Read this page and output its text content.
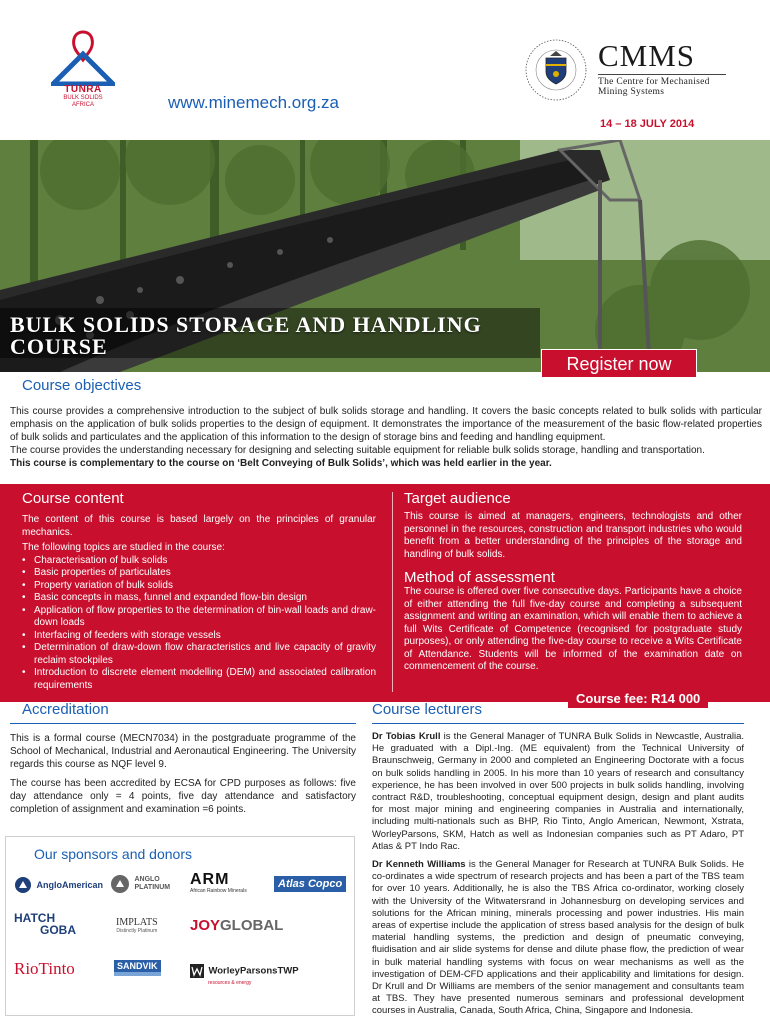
TUNRA
BULK SOLIDS
AFRICA	www.minemech.org.za
CMMS
The Centre for Mechanised
Mining Systems
14 – 18 JULY 2014
BULK SOLIDS STORAGE AND HANDLING
COURSE
Register now
Course objectives

This course provides a comprehensive introduction to the subject of bulk solids storage and handling. It covers the basic concepts related to bulk solids with particular emphasis on the application of bulk solids properties to the design of equipment. It demonstrates the importance of the measurement of the basic flow-related properties of bulk solids and particulates and the application of this information to the design of storage bins and feeding and handling equipment.

The course provides the understanding necessary for designing and selecting suitable equipment for reliable bulk solids storage, handling and transportation.

This course is complementary to the course on ‘Belt Conveying of Bulk Solids’, which was held earlier in the year.

Course content

The content of this course is based largely on the principles of granular mechanics.

The following topics are studied in the course:

• Characterisation of bulk solids
• Basic properties of particulates
• Property variation of bulk solids
• Basic concepts in mass, funnel and expanded flow-bin design
• Application of flow properties to the determination of bin-wall loads and draw-down loads
• Interfacing of feeders with storage vessels
• Determination of draw-down flow characteristics and live capacity of gravity reclaim stockpiles
• Introduction to discrete element modelling (DEM) and associated calibration requirements
Target audience
This course is aimed at managers, engineers, technologists and other personnel in the resources, construction and transport industries who would benefit from a better understanding of the principles of the storage and handling of bulk solids.
Method of assessment
The course is offered over five consecutive days. Participants have a choice of either attending the full five-day course and completing a subsequent assignment and writing an examination, which will enable them to achieve a full Wits Certificate of Competence (recognised for postgraduate study purposes), or only attending the five-day course to receive a Wits Certificate of Attendance. Students will be informed of the examination date on commencement of the course.
Course fee: R14 000
Accreditation
This is a formal course (MECN7034) in the postgraduate programme of the School of Mechanical, Industrial and Aeronautical Engineering. The University regards this course as NQF level 9.
The course has been accredited by ECSA for CPD purposes as follows: five day attendance only = 4 points, five day attendance and satisfactory completion of assignment and examination =6 points.
Course lecturers

Dr Tobias Krull is the General Manager of TUNRA Bulk Solids in Newcastle, Australia. He graduated with a Dipl.-Ing. (ME equivalent) from the Technical University of Braunschweig, Germany in 2000 and completed an Engineering Doctorate with a focus on bulk solids handling in 2005. In his more than 10 years of research and consultancy experience, he has been involved in over 500 projects in bulk solids handling, involving contract R&D, troubleshooting, conceptual equipment design, design and plant audits for most major mining and engineering companies in Australia and internationally, including multi-nationals such as BHP, Rio Tinto, Anglo American, Newmont, Xstrata, WorleyParsons, SKM, Hatch as well as Indonesian companies such as PT Adaro, PT Atlas & PT Indo Rac.

Dr Kenneth Williams is the General Manager for Research at TUNRA Bulk Solids. He co-ordinates a wide spectrum of research projects and has been a part of the TBS team for over 10 years. Additionally, he is also the TBS Africa co-ordinator, working closely with the University of the Witwatersrand in Johannesburg on developing services and solutions for the African mining, minerals processing and power industries. His main areas of expertise include the application of stress based analysis for the design of bulk material handling systems, the prediction and design of pneumatic conveying, fluidisation and air slide systems for dense and dilute phase flow, the prediction of wear in bulk material handling systems with focus on wear mechanisms as well as the investigation of DEM-CFD applications and their applicability and limitations for design. Dr Krull and Dr Williams are members of the senior management and consultants team at TBS. They have presented numerous seminars and professional development courses in Australia, Canada, South Africa, China, Singapore and Indonesia.

Our sponsors and donors
AngloAmerican
ANGLO
PLATINUM ARM
African Rainbow Minerals
Atlas Copco
HATCH
GOBA
IMPLATS
Distinctly Platinum JOYGLOBAL
RioTinto	SANDVIK	WorleyParsonsTWP
resources & energy
